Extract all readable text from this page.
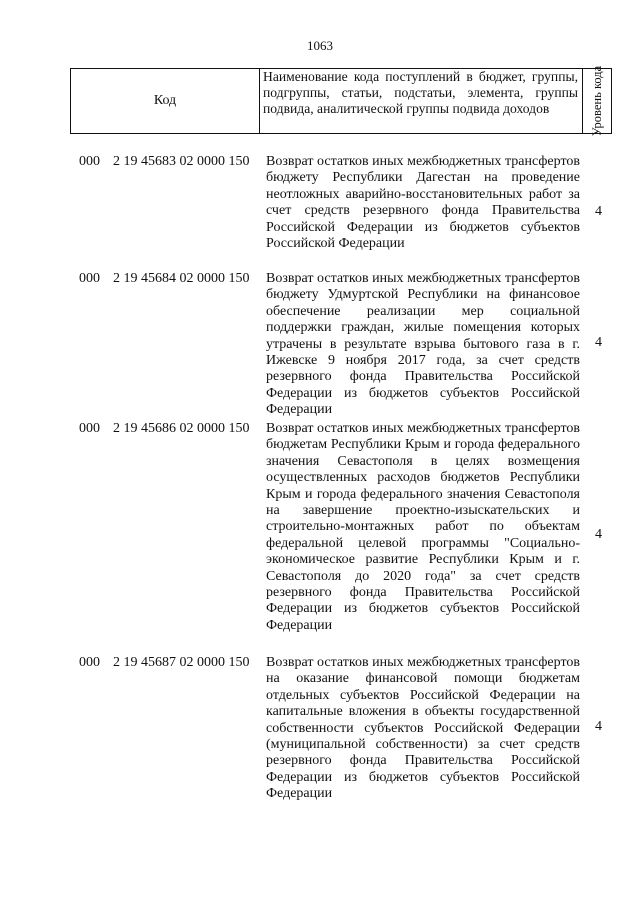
1063
Код
Наименование кода поступлений в бюджет, группы, подгруппы, статьи, подстатьи, элемента, группы подвида, аналитической группы подвида доходов	Уровень кода
000 2 19 45683 02 0000 150 Возврат остатков иных межбюджетных трансфертов бюджету Республики Дагестан на проведение неотложных аварийно-восстановительных работ за счет средств резервного фонда Правительства Российской Федерации из бюджетов субъектов Российской Федерации
4
000 2 19 45684 02 0000 150 Возврат остатков иных межбюджетных трансфертов бюджету Удмуртской Республики на финансовое обеспечение реализации мер социальной поддержки граждан, жилые помещения которых утрачены в результате взрыва бытового газа в г. Ижевске 9 ноября 2017 года, за счет средств резервного фонда Правительства Российской Федерации из бюджетов субъектов Российской Федерации
4
000 2 19 45686 02 0000 150 Возврат остатков иных межбюджетных трансфертов бюджетам Республики Крым и города федерального значения Севастополя в целях возмещения осуществленных расходов бюджетов Республики Крым и города федерального значения Севастополя на завершение проектно-изыскательских и строительно-монтажных работ по объектам федеральной целевой программы "Социально-экономическое развитие Республики Крым и г. Севастополя до 2020 года" за счет средств резервного фонда Правительства Российской Федерации из бюджетов субъектов Российской Федерации
4
000 2 19 45687 02 0000 150 Возврат остатков иных межбюджетных трансфертов на оказание финансовой помощи бюджетам отдельных субъектов Российской Федерации на капитальные вложения в объекты государственной собственности субъектов Российской Федерации (муниципальной собственности) за счет средств резервного фонда Правительства Российской Федерации из бюджетов субъектов Российской Федерации
4
